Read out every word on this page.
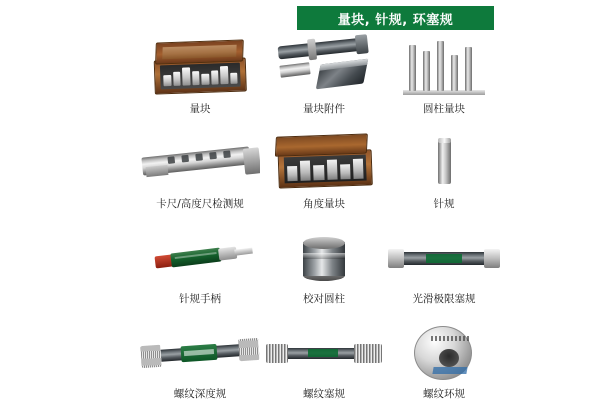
量块, 针规, 环塞规
量块	量块附件	圆柱量块
卡尺/高度尺检测规	角度量块	针规
针规手柄	校对圆柱	光滑极限塞规
螺纹深度规	螺纹塞规	螺纹环规
